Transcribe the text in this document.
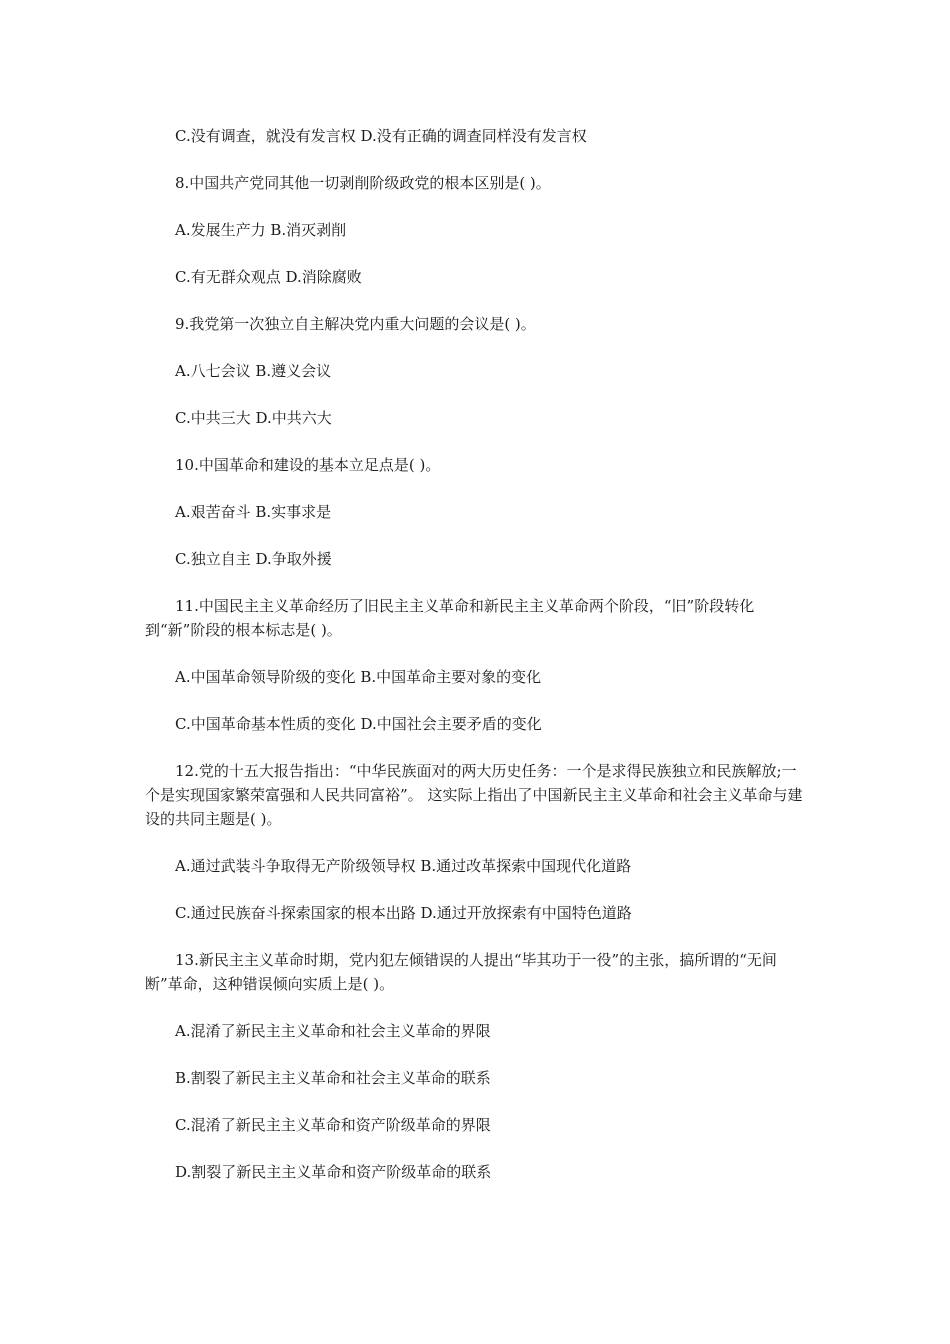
C.没有调查，就没有发言权 D.没有正确的调查同样没有发言权

8.中国共产党同其他一切剥削阶级政党的根本区别是( )。

A.发展生产力 B.消灭剥削

C.有无群众观点 D.消除腐败

9.我党第一次独立自主解决党内重大问题的会议是( )。

A.八七会议 B.遵义会议

C.中共三大 D.中共六大

10.中国革命和建设的基本立足点是( )。

A.艰苦奋斗 B.实事求是

C.独立自主 D.争取外援

11.中国民主主义革命经历了旧民主主义革命和新民主主义革命两个阶段，“旧”阶段转化到“新”阶段的根本标志是( )。

A.中国革命领导阶级的变化 B.中国革命主要对象的变化

C.中国革命基本性质的变化 D.中国社会主要矛盾的变化

12.党的十五大报告指出：“中华民族面对的两大历史任务：一个是求得民族独立和民族解放;一个是实现国家繁荣富强和人民共同富裕”。 这实际上指出了中国新民主主义革命和社会主义革命与建设的共同主题是( )。

A.通过武装斗争取得无产阶级领导权 B.通过改革探索中国现代化道路

C.通过民族奋斗探索国家的根本出路 D.通过开放探索有中国特色道路

13.新民主主义革命时期，党内犯左倾错误的人提出“毕其功于一役”的主张，搞所谓的“无间断”革命，这种错误倾向实质上是( )。

A.混淆了新民主主义革命和社会主义革命的界限

B.割裂了新民主主义革命和社会主义革命的联系

C.混淆了新民主主义革命和资产阶级革命的界限

D.割裂了新民主主义革命和资产阶级革命的联系
